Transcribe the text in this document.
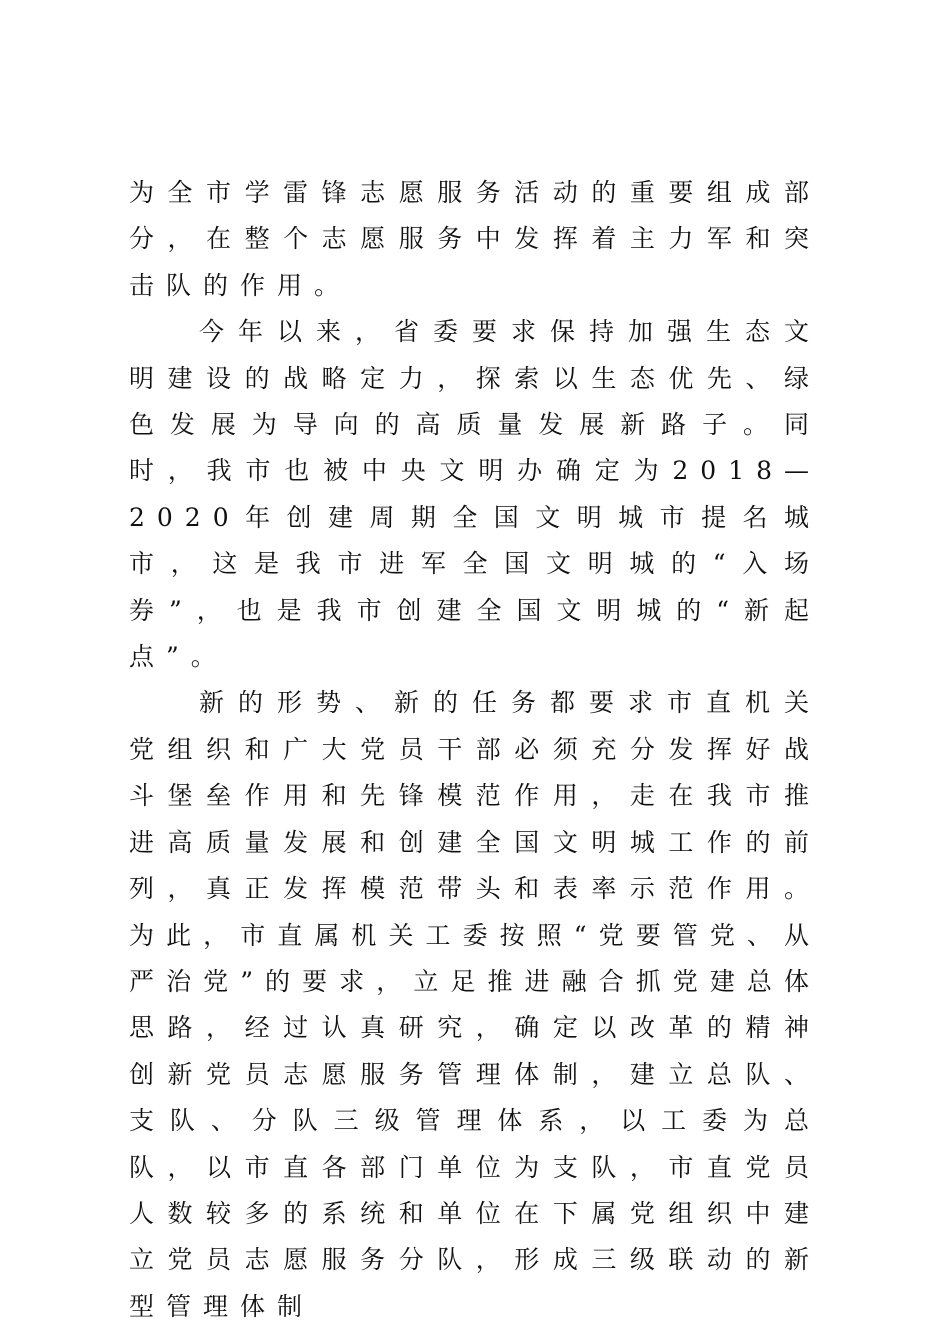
为全市学雷锋志愿服务活动的重要组成部分，在整个志愿服务中发挥着主力军和突击队的作用。

今年以来，省委要求保持加强生态文明建设的战略定力，探索以生态优先、绿色发展为导向的高质量发展新路子。同时，我市也被中央文明办确定为2018—2020年创建周期全国文明城市提名城市，这是我市进军全国文明城的“入场券”，也是我市创建全国文明城的“新起点”。

新的形势、新的任务都要求市直机关党组织和广大党员干部必须充分发挥好战斗堡垒作用和先锋模范作用，走在我市推进高质量发展和创建全国文明城工作的前列，真正发挥模范带头和表率示范作用。为此，市直属机关工委按照“党要管党、从严治党”的要求，立足推进融合抓党建总体思路，经过认真研究，确定以改革的精神创新党员志愿服务管理体制，建立总队、支队、分队三级管理体系，以工委为总队，以市直各部门单位为支队，市直党员人数较多的系统和单位在下属党组织中建立党员志愿服务分队，形成三级联动的新型管理体制
